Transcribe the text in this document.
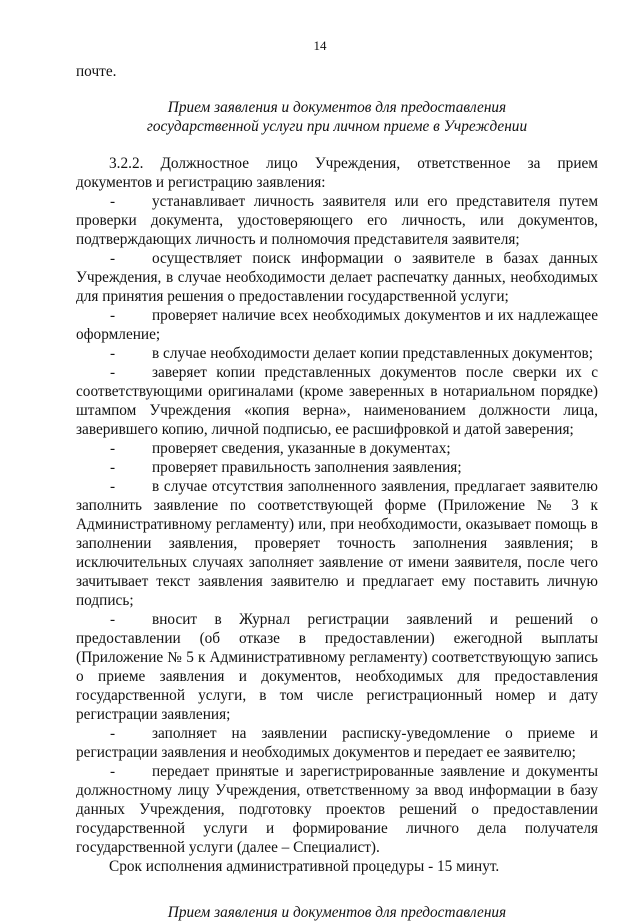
14

почте.

Прием заявления и документов для предоставления

государственной услуги при личном приеме в Учреждении

3.2.2. Должностное лицо Учреждения, ответственное за прием документов и регистрацию заявления:

- устанавливает личность заявителя или его представителя путем проверки документа, удостоверяющего его личность, или документов, подтверждающих личность и полномочия представителя заявителя;

- осуществляет поиск информации о заявителе в базах данных Учреждения, в случае необходимости делает распечатку данных, необходимых для принятия решения о предоставлении государственной услуги;

- проверяет наличие всех необходимых документов и их надлежащее оформление;

- в случае необходимости делает копии представленных документов;

- заверяет копии представленных документов после сверки их с соответствующими оригиналами (кроме заверенных в нотариальном порядке) штампом Учреждения «копия верна», наименованием должности лица, заверившего копию, личной подписью, ее расшифровкой и датой заверения;

- проверяет сведения, указанные в документах;

- проверяет правильность заполнения заявления;

- в случае отсутствия заполненного заявления, предлагает заявителю заполнить заявление по соответствующей форме (Приложение № 3 к Административному регламенту) или, при необходимости, оказывает помощь в заполнении заявления, проверяет точность заполнения заявления; в исключительных случаях заполняет заявление от имени заявителя, после чего зачитывает текст заявления заявителю и предлагает ему поставить личную подпись;

- вносит в Журнал регистрации заявлений и решений о предоставлении (об отказе в предоставлении) ежегодной выплаты (Приложение № 5 к Административному регламенту) соответствующую запись о приеме заявления и документов, необходимых для предоставления государственной услуги, в том числе регистрационный номер и дату регистрации заявления;

- заполняет на заявлении расписку-уведомление о приеме и регистрации заявления и необходимых документов и передает ее заявителю;

- передает принятые и зарегистрированные заявление и документы должностному лицу Учреждения, ответственному за ввод информации в базу данных Учреждения, подготовку проектов решений о предоставлении государственной услуги и формирование личного дела получателя государственной услуги (далее – Специалист).

Срок исполнения административной процедуры - 15 минут.

Прием заявления и документов для предоставления
